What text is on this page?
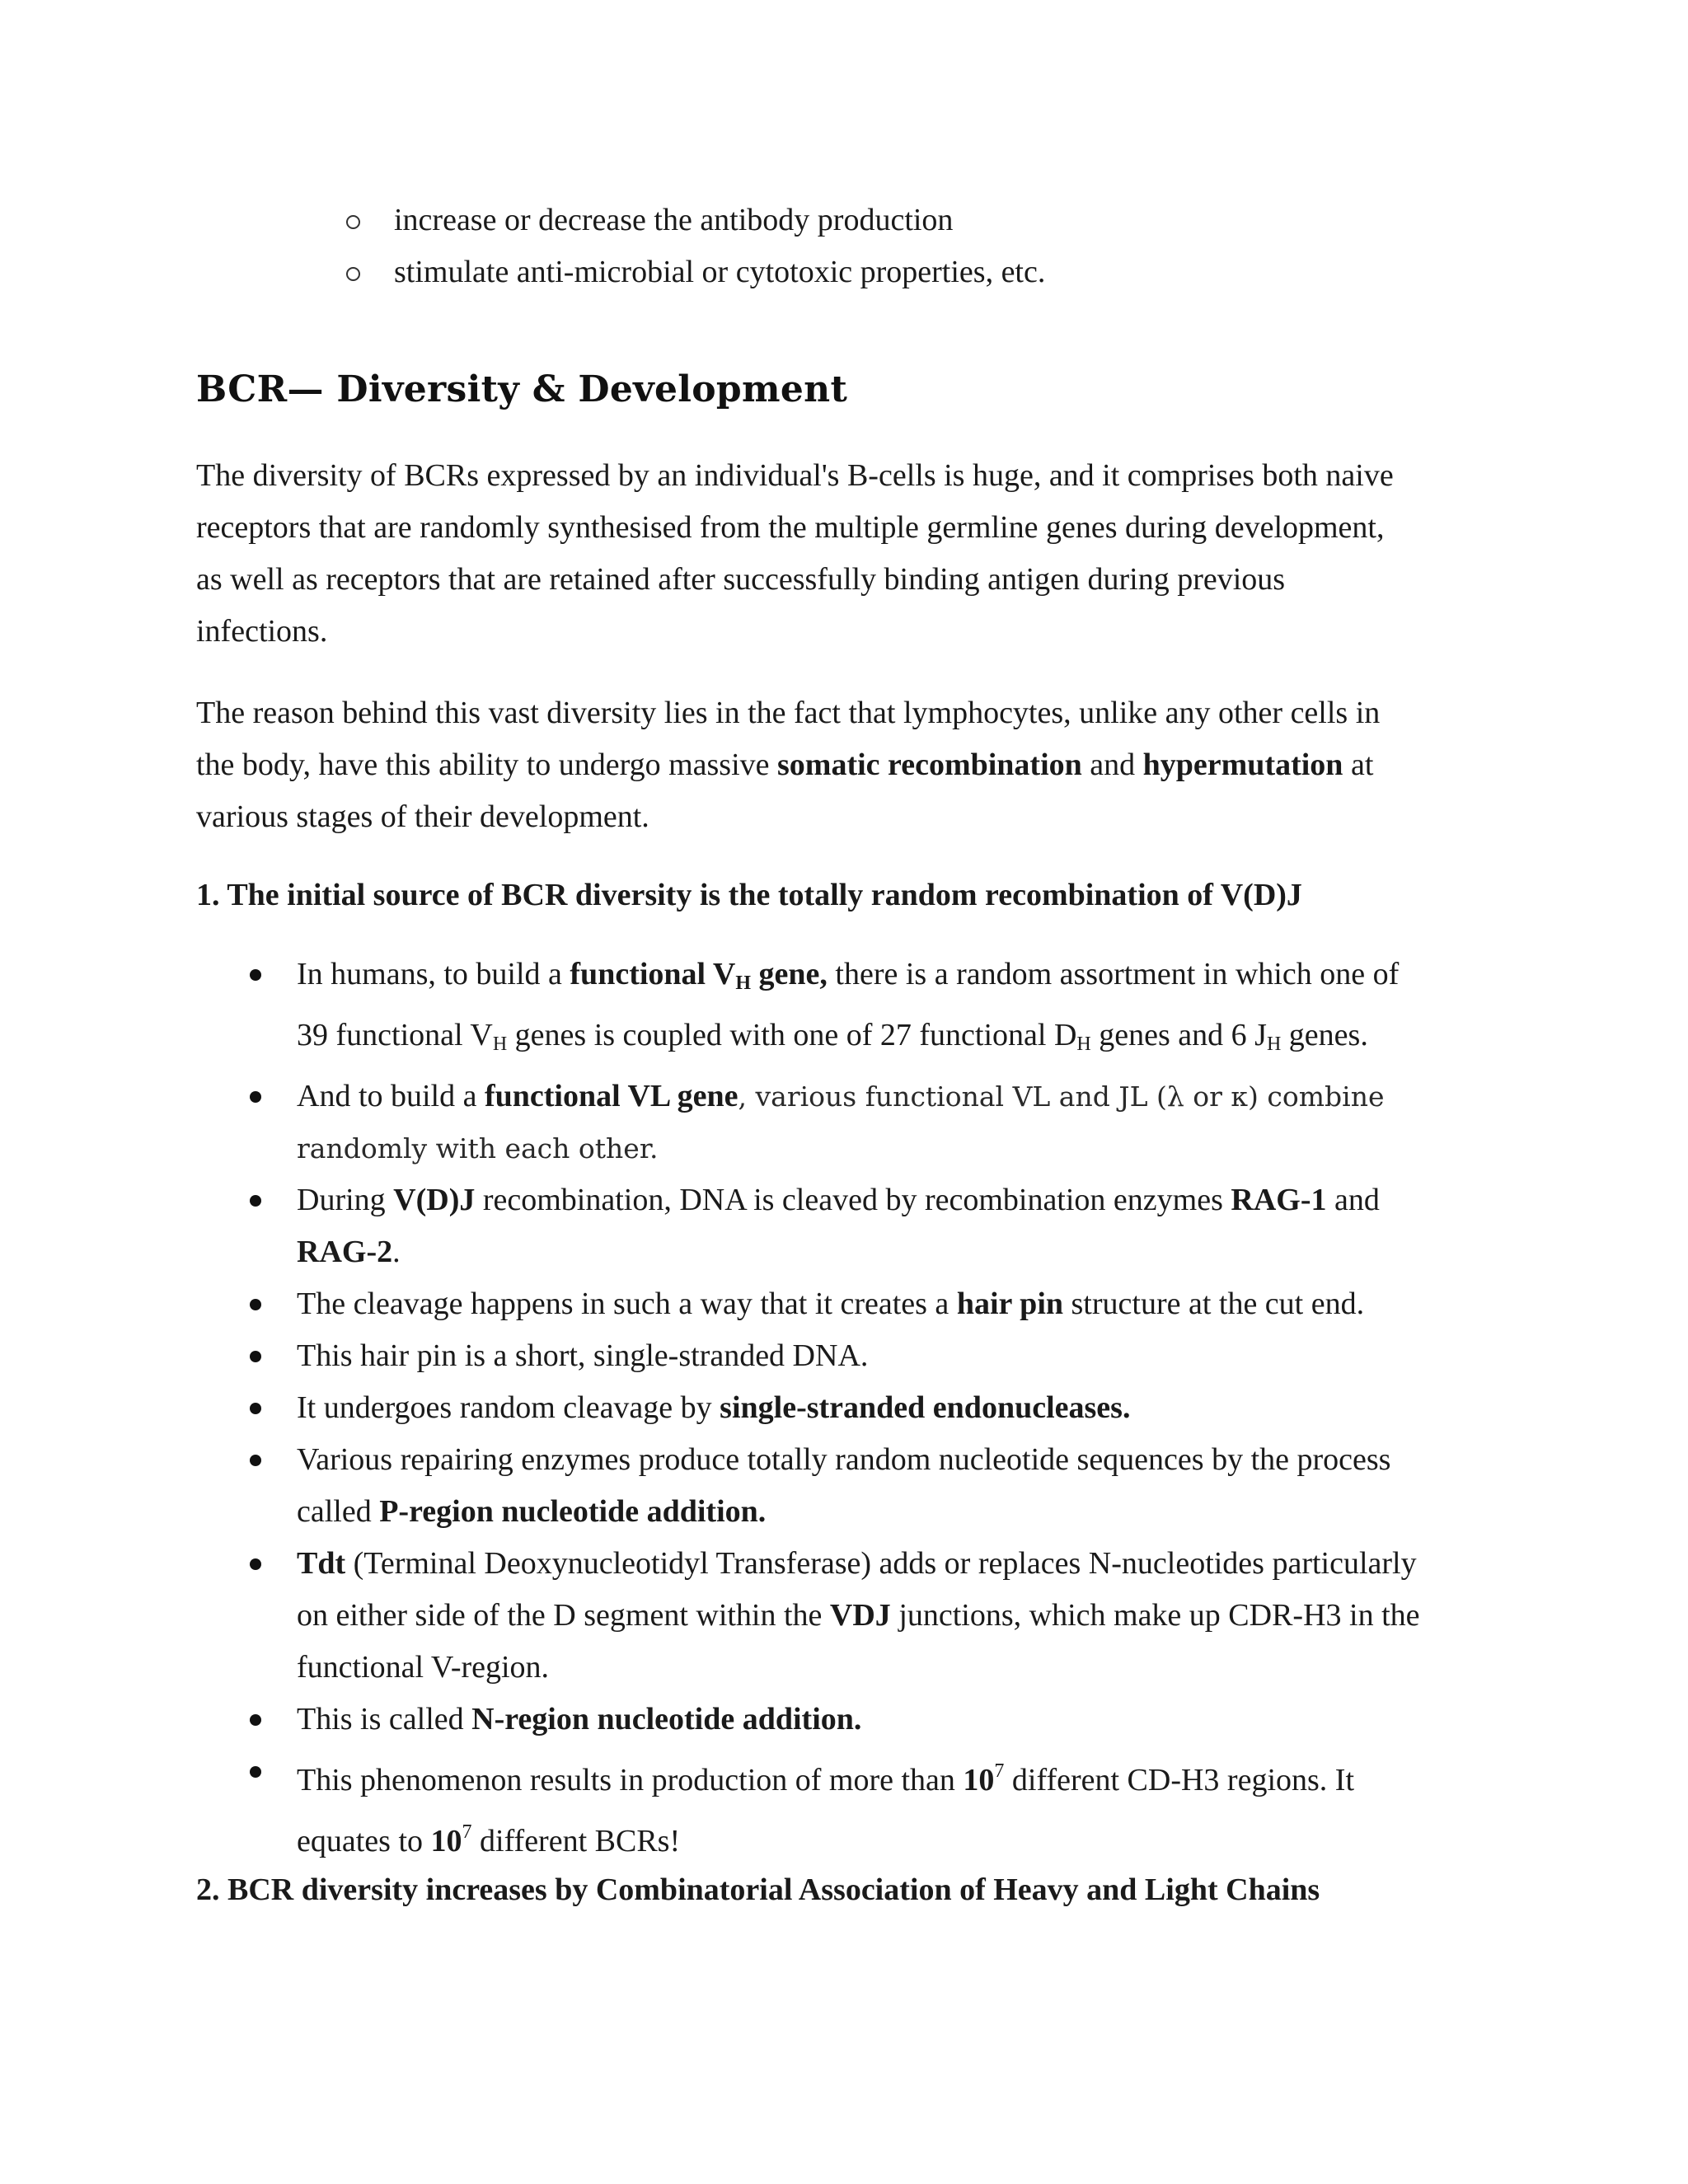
increase or decrease the antibody production
stimulate anti-microbial or cytotoxic properties, etc.
BCR— Diversity & Development

The diversity of BCRs expressed by an individual's B-cells is huge, and it comprises both naive
receptors that are randomly synthesised from the multiple germline genes during development,
as well as receptors that are retained after successfully binding antigen during previous
infections.

The reason behind this vast diversity lies in the fact that lymphocytes, unlike any other cells in
the body, have this ability to undergo massive somatic recombination and hypermutation at
various stages of their development.

1. The initial source of BCR diversity is the totally random recombination of V(D)J
In humans, to build a functional $V_H$ gene, there is a random assortment in which one of
39 functional $V_H$ genes is coupled with one of 27 functional $D_H$ genes and 6 $J_H$ genes.
And to build a functional VL gene, various functional VL and JL (λ or κ) combine
randomly with each other.
During V(D)J recombination, DNA is cleaved by recombination enzymes RAG-1 and
RAG-2.
The cleavage happens in such a way that it creates a hair pin structure at the cut end.
This hair pin is a short, single-stranded DNA.
It undergoes random cleavage by single-stranded endonucleases.
Various repairing enzymes produce totally random nucleotide sequences by the process
called P-region nucleotide addition.
Tdt (Terminal Deoxynucleotidyl Transferase) adds or replaces N-nucleotides particularly
on either side of the D segment within the VDJ junctions, which make up CDR-H3 in the
functional V-region.
This is called N-region nucleotide addition.
This phenomenon results in production of more than $10^7$ different CD-H3 regions. It
equates to $10^7$ different BCRs!
2. BCR diversity increases by Combinatorial Association of Heavy and Light Chains
